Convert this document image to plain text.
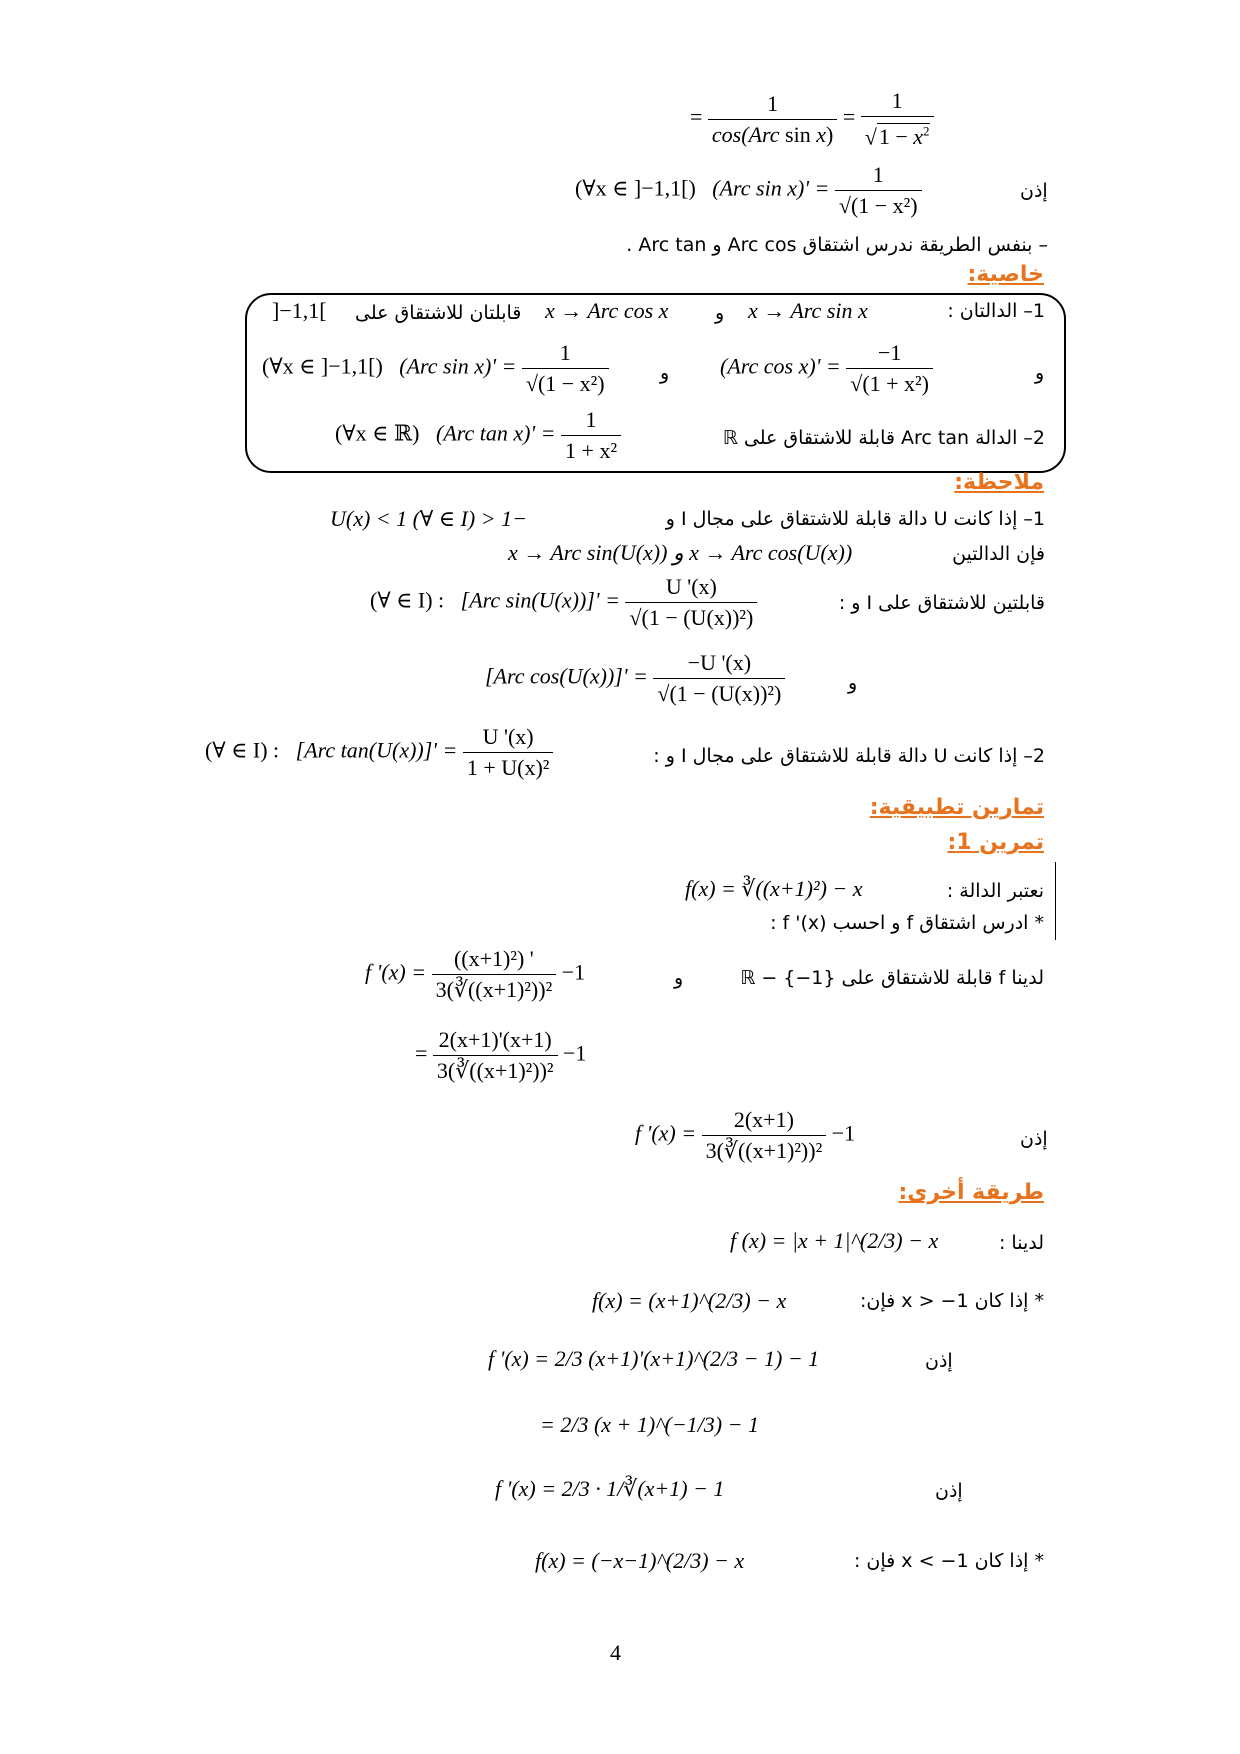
= $\frac{1}{\text{cos(Arc sin x)}} = \frac{1}{√1 - x^2}$
إذن
(∀x ∈ ]−1,1[) (Arc $\sin x)' = \frac{1}{\text{√(1 − x²)}}$
– بنفس الطريقة ندرس اشتقاق Arc cos و Arc tan .
خاصية:
1– الدالتان :
x → Arc sin x
و
x → Arc cos x
قابلتان للاشتقاق على
]−1,1[
و
(Arc $\cos x)' = \frac{-1}{\text{√(1 + x²)}}$
و
(∀x ∈ ]−1,1[) (Arc $\sin x)' = \frac{1}{\text{√(1 − x²)}}$
2– الدالة Arc tan قابلة للاشتقاق على ℝ
(∀x ∈ ℝ) (Arc $\tan x)' = \frac{1}{\text{1 + x²}}$
ملاحظة:
1– إذا كانت U دالة قابلة للاشتقاق على مجال I و
−1 < U(x) < 1 (∀ ∈ I)
فإن الدالتين
x → Arc sin(U(x)) و x → Arc cos(U(x))
قابلتين للاشتقاق على I و :
(∀ ∈ I) : [Arc $\sin(U(x))]' = \frac{U '(x)}{\text{√(1 − (U(x))²)}}$
و
[Arc $\cos(U(x))]' = \frac{-U '(x)}{\text{√(1 − (U(x))²)}}$
2– إذا كانت U دالة قابلة للاشتقاق على مجال I و :
(∀ ∈ I) : [Arc $\tan(U(x))]' = \frac{U '(x)}{\text{1 + U(x)²}}$
تمارين تطبيقية:
تمرين 1:
نعتبر الدالة :
f(x) = ∛((x+1)²) − x
* ادرس اشتقاق f و احسب f '(x) :
لدينا f قابلة للاشتقاق على ℝ − {−1}
و
f '$(x) = \frac{\text{((x+1)²) '}}{\text{3(∛((x+1)²))²}} -1$
= $\frac{2(x+1)'(x+1)}{\text{3(∛((x+1)²))²}} -1$
إذن
f '$(x) = \frac{2(x+1)}{\text{3(∛((x+1)²))²}} -1$
طريقة أخرى:
لدينا :
f (x) = |x + 1|^(2/3) − x
* إذا كان x > −1 فإن:
f(x) = (x+1)^(2/3) − x
إذن
f '(x) = 2/3 (x+1)'(x+1)^(2/3 − 1) − 1
= 2/3 (x + 1)^(−1/3) − 1
إذن
f '(x) = 2/3 · 1/∛(x+1) − 1
* إذا كان x < −1 فإن :
f(x) = (−x−1)^(2/3) − x
4
